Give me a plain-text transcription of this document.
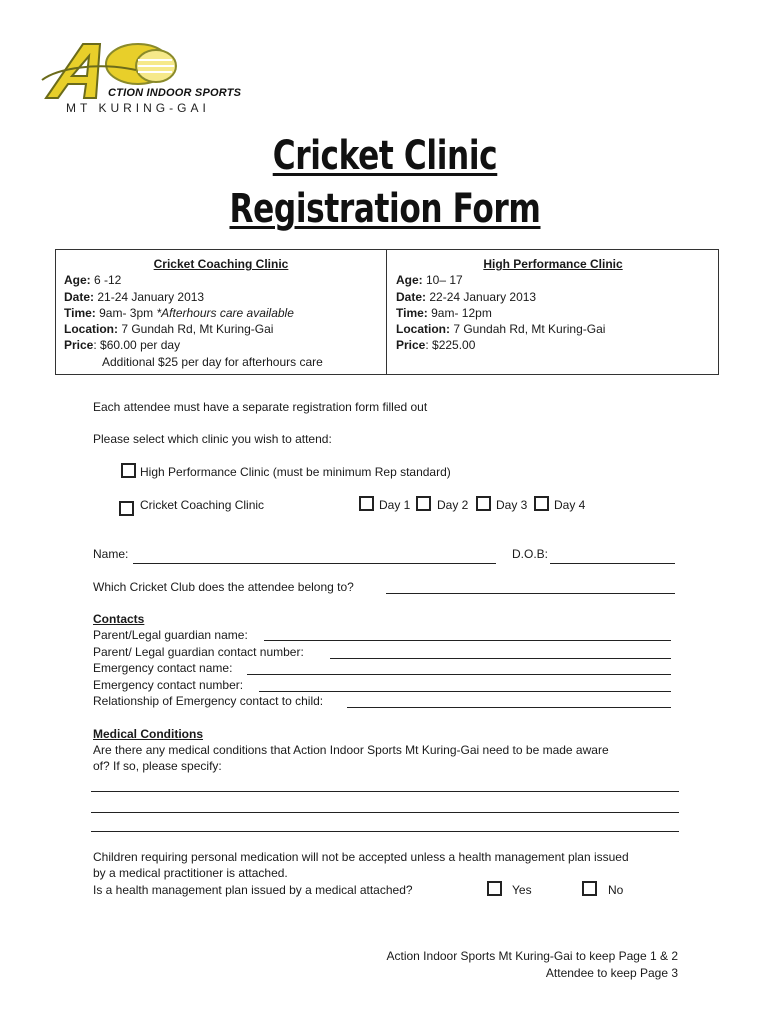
CTION INDOOR SPORTS
MT KURING-GAI
Cricket Clinic
Registration Form
Cricket Coaching Clinic
Age: 6 -12
Date: 21-24 January 2013
Time: 9am- 3pm *Afterhours care available
Location: 7 Gundah Rd, Mt Kuring-Gai
Price: $60.00 per day
Additional $25 per day for afterhours care
High Performance Clinic
Age: 10– 17
Date: 22-24 January 2013
Time: 9am- 12pm
Location: 7 Gundah Rd, Mt Kuring-Gai
Price: $225.00
Each attendee must have a separate registration form filled out
Please select which clinic you wish to attend:
High Performance Clinic (must be minimum Rep standard)
Cricket Coaching Clinic	Day 1 Day 2 Day 3 Day 4
Name:	D.O.B:
Which Cricket Club does the attendee belong to?
Contacts
Parent/Legal guardian name:
Parent/ Legal guardian contact number:
Emergency contact name:
Emergency contact number:
Relationship of Emergency contact to child:
Medical Conditions
Are there any medical conditions that Action Indoor Sports Mt Kuring-Gai need to be made aware
of? If so, please specify:
Children requiring personal medication will not be accepted unless a health management plan issued
by a medical practitioner is attached.
Is a health management plan issued by a medical attached?	Yes	No
Action Indoor Sports Mt Kuring-Gai to keep Page 1 & 2
Attendee to keep Page 3
